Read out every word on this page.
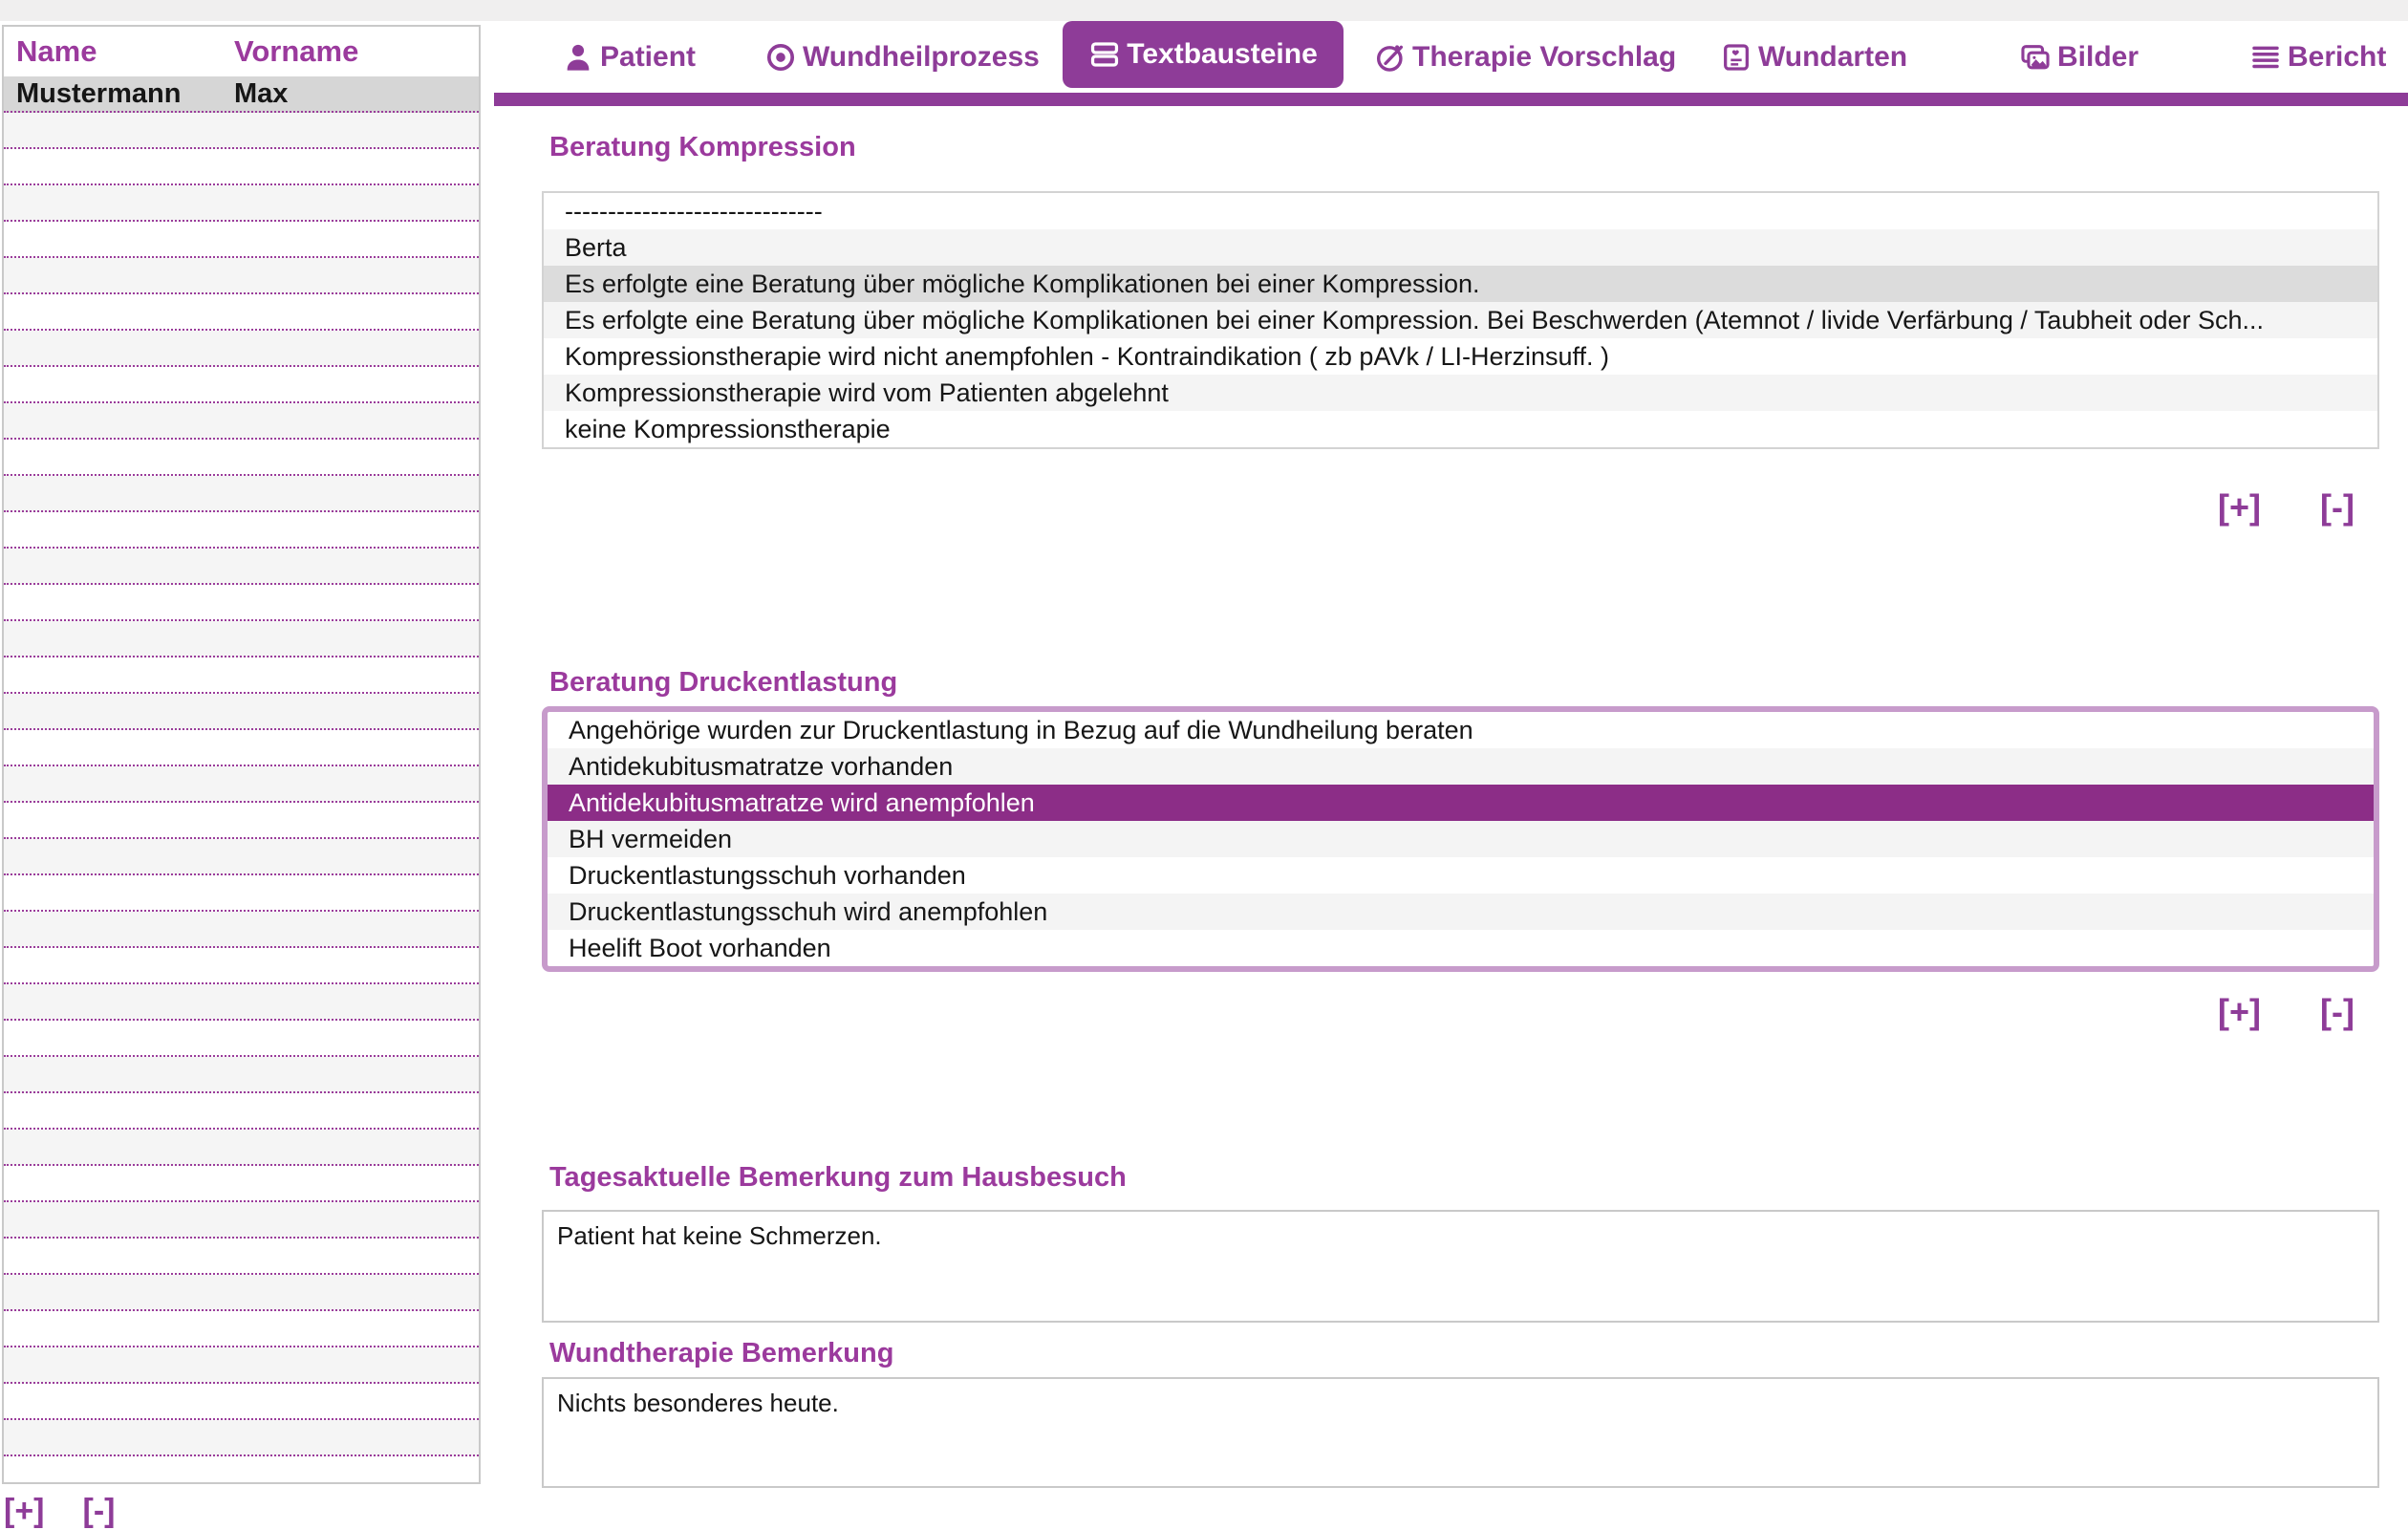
Name	Vorname
Mustermann	Max
[+] [-]
Patient	Wundheilprozess	Textbausteine	Therapie Vorschlag	Wundarten	Bilder	Bericht
Beratung Kompression
------------------------------
Berta
Es erfolgte eine Beratung über mögliche Komplikationen bei einer Kompression.
Es erfolgte eine Beratung über mögliche Komplikationen bei einer Kompression. Bei Beschwerden (Atemnot / livide Verfärbung / Taubheit oder Sch...
Kompressionstherapie wird nicht anempfohlen - Kontraindikation ( zb pAVk / LI-Herzinsuff. )
Kompressionstherapie wird vom Patienten abgelehnt
keine Kompressionstherapie
[+] [-]
Beratung Druckentlastung
Angehörige wurden zur Druckentlastung in Bezug auf die Wundheilung beraten
Antidekubitusmatratze vorhanden
Antidekubitusmatratze wird anempfohlen
BH vermeiden
Druckentlastungsschuh vorhanden
Druckentlastungsschuh wird anempfohlen
Heelift Boot vorhanden
[+] [-]
Tagesaktuelle Bemerkung zum Hausbesuch
Patient hat keine Schmerzen.
Wundtherapie Bemerkung
Nichts besonderes heute.
